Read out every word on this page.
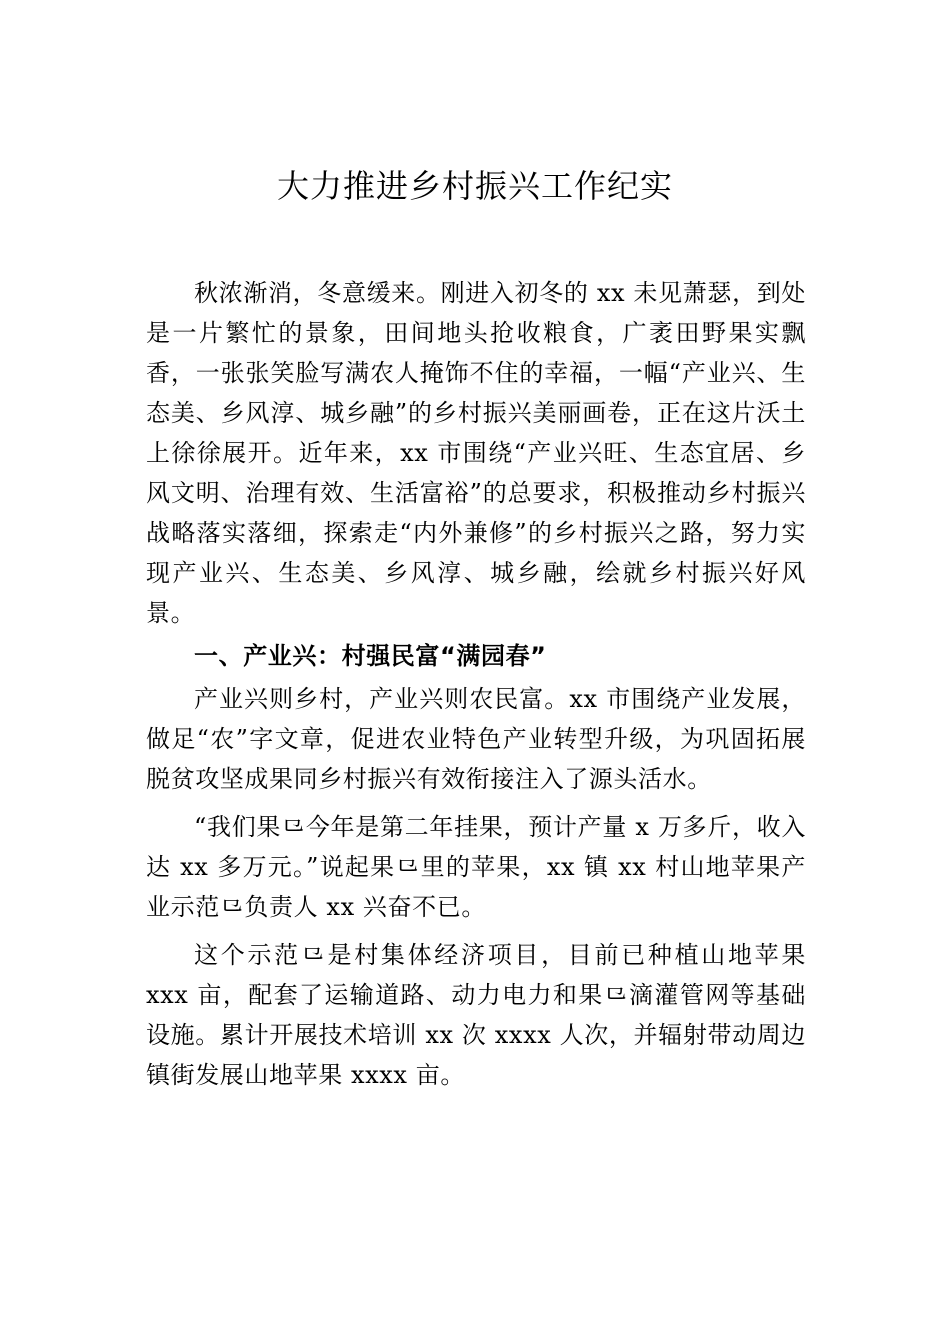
大力推进乡村振兴工作纪实

秋浓渐消，冬意缓来。刚进入初冬的 xx 未见萧瑟，到处是一片繁忙的景象，田间地头抢收粮食，广袤田野果实飘香，一张张笑脸写满农人掩饰不住的幸福，一幅“产业兴、生态美、乡风淳、城乡融”的乡村振兴美丽画卷，正在这片沃土上徐徐展开。近年来，xx 市围绕“产业兴旺、生态宜居、乡风文明、治理有效、生活富裕”的总要求，积极推动乡村振兴战略落实落细，探索走“内外兼修”的乡村振兴之路，努力实现产业兴、生态美、乡风淳、城乡融，绘就乡村振兴好风景。

一、产业兴：村强民富“满园春”

产业兴则乡村，产业兴则农民富。xx 市围绕产业发展，做足“农”字文章，促进农业特色产业转型升级，为巩固拓展脱贫攻坚成果同乡村振兴有效衔接注入了源头活水。

“我们果⺋今年是第二年挂果，预计产量 x 万多斤，收入达 xx 多万元。”说起果⺋里的苹果，xx 镇 xx 村山地苹果产业示范⺋负责人 xx 兴奋不已。

这个示范⺋是村集体经济项目，目前已种植山地苹果 xxx 亩，配套了运输道路、动力电力和果⺋滴灌管网等基础设施。累计开展技术培训 xx 次 xxxx 人次，并辐射带动周边镇街发展山地苹果 xxxx 亩。
